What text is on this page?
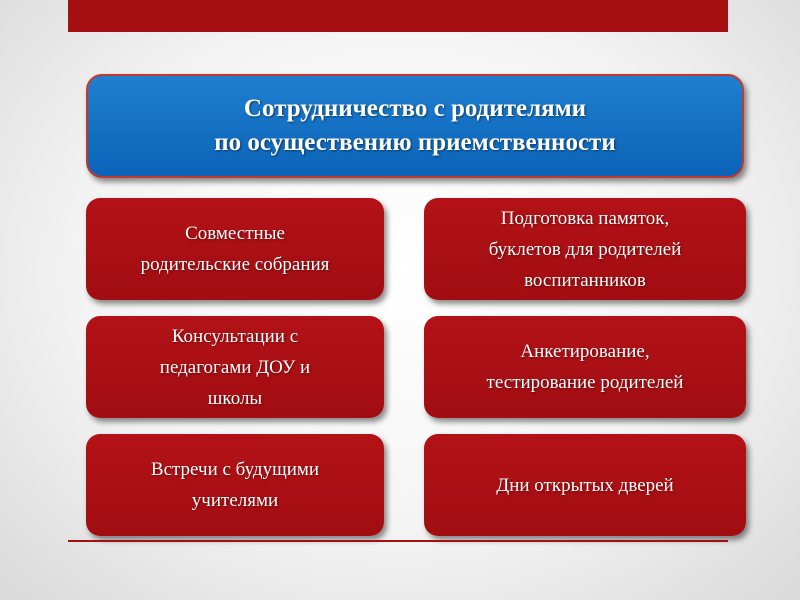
Сотрудничество с родителями
по осуществению приемственности
Совместные
родительские собрания
Подготовка памяток,
буклетов для родителей
воспитанников
Консультации с
педагогами ДОУ и
школы
Анкетирование,
тестирование родителей
Встречи с будущими
учителями
Дни открытых дверей
